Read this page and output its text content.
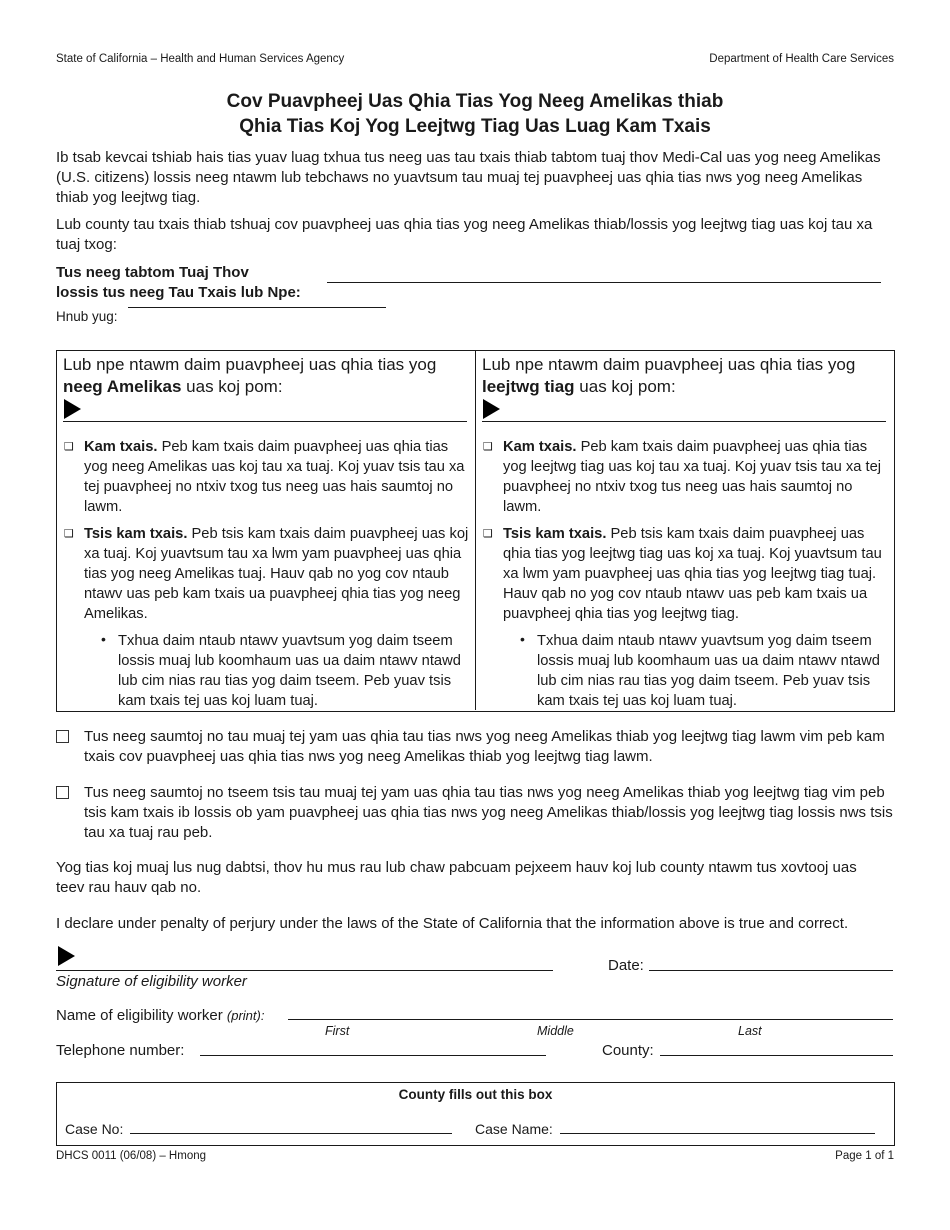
State of California – Health and Human Services Agency	Department of Health Care Services
Cov Puavpheej Uas Qhia Tias Yog Neeg Amelikas thiab
Qhia Tias Koj Yog Leejtwg Tiag Uas Luag Kam Txais
Ib tsab kevcai tshiab hais tias yuav luag txhua tus neeg uas tau txais thiab tabtom tuaj thov Medi-Cal uas yog neeg Amelikas (U.S. citizens) lossis neeg ntawm lub tebchaws no yuavtsum tau muaj tej puavpheej uas qhia tias nws yog neeg Amelikas thiab yog leejtwg tiag.
Lub county tau txais thiab tshuaj cov puavpheej uas qhia tias yog neeg Amelikas thiab/lossis yog leejtwg tiag uas koj tau xa tuaj txog:
Tus neeg tabtom Tuaj Thov
lossis tus neeg Tau Txais lub Npe:
Hnub yug:
Lub npe ntawm daim puavpheej uas qhia tias yog
neeg Amelikas uas koj pom:
❑ Kam txais. Peb kam txais daim puavpheej uas qhia tias yog neeg Amelikas uas koj tau xa tuaj. Koj yuav tsis tau xa tej puavpheej no ntxiv txog tus neeg uas hais saumtoj no lawm.
❑ Tsis kam txais. Peb tsis kam txais daim puavpheej uas koj xa tuaj. Koj yuavtsum tau xa lwm yam puavpheej uas qhia tias yog neeg Amelikas tuaj. Hauv qab no yog cov ntaub ntawv uas peb kam txais ua puavpheej qhia tias yog neeg Amelikas.
• Txhua daim ntaub ntawv yuavtsum yog daim tseem lossis muaj lub koomhaum uas ua daim ntawv ntawd lub cim nias rau tias yog daim tseem. Peb yuav tsis kam txais tej uas koj luam tuaj.
Lub npe ntawm daim puavpheej uas qhia tias yog
leejtwg tiag uas koj pom:
❑ Kam txais. Peb kam txais daim puavpheej uas qhia tias yog leejtwg tiag uas koj tau xa tuaj. Koj yuav tsis tau xa tej puavpheej no ntxiv txog tus neeg uas hais saumtoj no lawm.
❑ Tsis kam txais. Peb tsis kam txais daim puavpheej uas qhia tias yog leejtwg tiag uas koj xa tuaj. Koj yuavtsum tau xa lwm yam puavpheej uas qhia tias yog leejtwg tiag tuaj. Hauv qab no yog cov ntaub ntawv uas peb kam txais ua puavpheej qhia tias yog leejtwg tiag.
• Txhua daim ntaub ntawv yuavtsum yog daim tseem lossis muaj lub koomhaum uas ua daim ntawv ntawd lub cim nias rau tias yog daim tseem. Peb yuav tsis kam txais tej uas koj luam tuaj.
Tus neeg saumtoj no tau muaj tej yam uas qhia tau tias nws yog neeg Amelikas thiab yog leejtwg tiag lawm vim peb kam txais cov puavpheej uas qhia tias nws yog neeg Amelikas thiab yog leejtwg tiag lawm.
Tus neeg saumtoj no tseem tsis tau muaj tej yam uas qhia tau tias nws yog neeg Amelikas thiab yog leejtwg tiag vim peb tsis kam txais ib lossis ob yam puavpheej uas qhia tias nws yog neeg Amelikas thiab/lossis yog leejtwg tiag lossis nws tsis tau xa tuaj rau peb.
Yog tias koj muaj lus nug dabtsi, thov hu mus rau lub chaw pabcuam pejxeem hauv koj lub county ntawm tus xovtooj uas teev rau hauv qab no.
I declare under penalty of perjury under the laws of the State of California that the information above is true and correct.
Signature of eligibility worker
Date:
Name of eligibility worker (print):
First	Middle	Last
Telephone number:	County:
County fills out this box
Case No:	Case Name:
DHCS 0011 (06/08) – Hmong	Page 1 of 1
